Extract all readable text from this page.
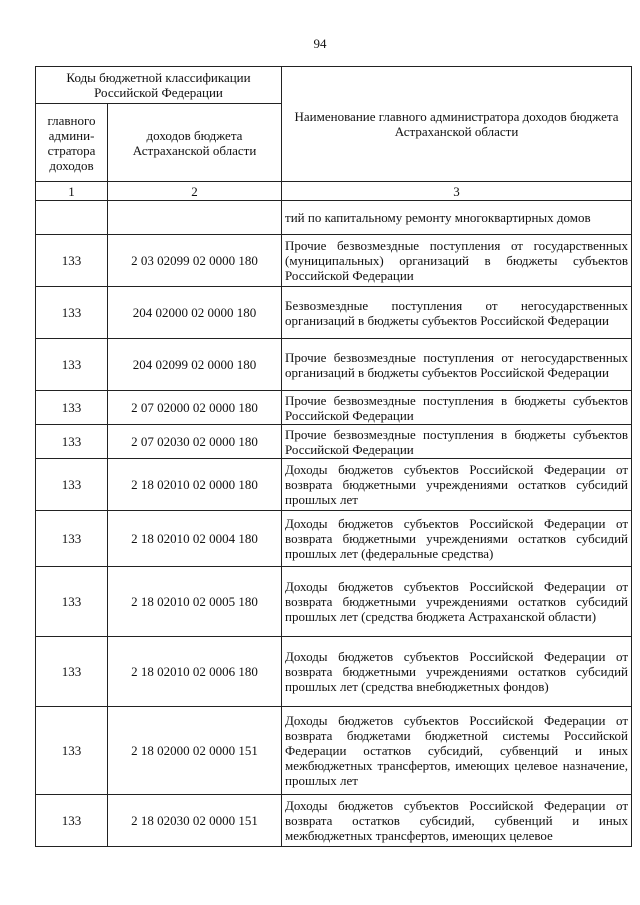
94
Коды бюджетной классификации Российской Федерации		Наименование главного администратора доходов бюджета Астраханской области
главного админи-стратора доходов	доходов бюджета Астраханской области	
1	2	3
		тий по капитальному ремонту многоквартирных домов
133	2 03 02099 02 0000 180	Прочие безвозмездные поступления от государственных (муниципальных) организаций в бюджеты субъектов Российской Федерации
133	204 02000 02 0000 180	Безвозмездные поступления от негосударственных организаций в бюджеты субъектов Российской Федерации
133	204 02099 02 0000 180	Прочие безвозмездные поступления от негосударственных организаций в бюджеты субъектов Российской Федерации
133	2 07 02000 02 0000 180	Прочие безвозмездные поступления в бюджеты субъектов Российской Федерации
133	2 07 02030 02 0000 180	Прочие безвозмездные поступления в бюджеты субъектов Российской Федерации
133	2 18 02010 02 0000 180	Доходы бюджетов субъектов Российской Федерации от возврата бюджетными учреждениями остатков субсидий прошлых лет
133	2 18 02010 02 0004 180	Доходы бюджетов субъектов Российской Федерации от возврата бюджетными учреждениями остатков субсидий прошлых лет (федеральные средства)
133	2 18 02010 02 0005 180	Доходы бюджетов субъектов Российской Федерации от возврата бюджетными учреждениями остатков субсидий прошлых лет (средства бюджета Астраханской области)
133	2 18 02010 02 0006 180	Доходы бюджетов субъектов Российской Федерации от возврата бюджетными учреждениями остатков субсидий прошлых лет (средства внебюджетных фондов)
133	2 18 02000 02 0000 151	Доходы бюджетов субъектов Российской Федерации от возврата бюджетами бюджетной системы Российской Федерации остатков субсидий, субвенций и иных межбюджетных трансфертов, имеющих целевое назначение, прошлых лет
133	2 18 02030 02 0000 151	Доходы бюджетов субъектов Российской Федерации от возврата остатков субсидий, субвенций и иных межбюджетных трансфертов, имеющих целевое
